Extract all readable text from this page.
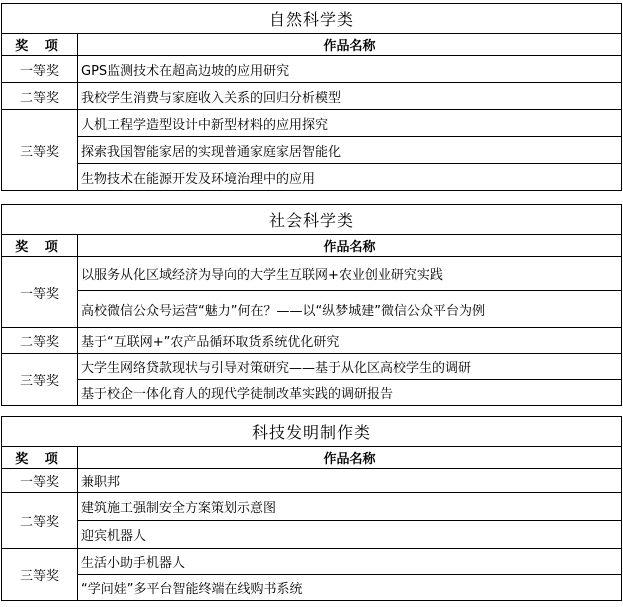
自然科学类	
奖 项	作品名称
一等奖	GPS监测技术在超高边坡的应用研究
二等奖	我校学生消费与家庭收入关系的回归分析模型
三等奖	人机工程学造型设计中新型材料的应用探究
	探索我国智能家居的实现普通家庭家居智能化
	生物技术在能源开发及环境治理中的应用
社会科学类	
奖 项	作品名称
一等奖	以服务从化区域经济为导向的大学生互联网+农业创业研究实践
	高校微信公众号运营“魅力”何在？——以“纵梦城建”微信公众平台为例
二等奖	基于“互联网+”农产品循环取货系统优化研究
三等奖	大学生网络贷款现状与引导对策研究——基于从化区高校学生的调研
	基于校企一体化育人的现代学徒制改革实践的调研报告
科技发明制作类	
奖 项	作品名称
一等奖	兼职邦
二等奖	建筑施工强制安全方案策划示意图
	迎宾机器人
三等奖	生活小助手机器人
	“学问娃”多平台智能终端在线购书系统
